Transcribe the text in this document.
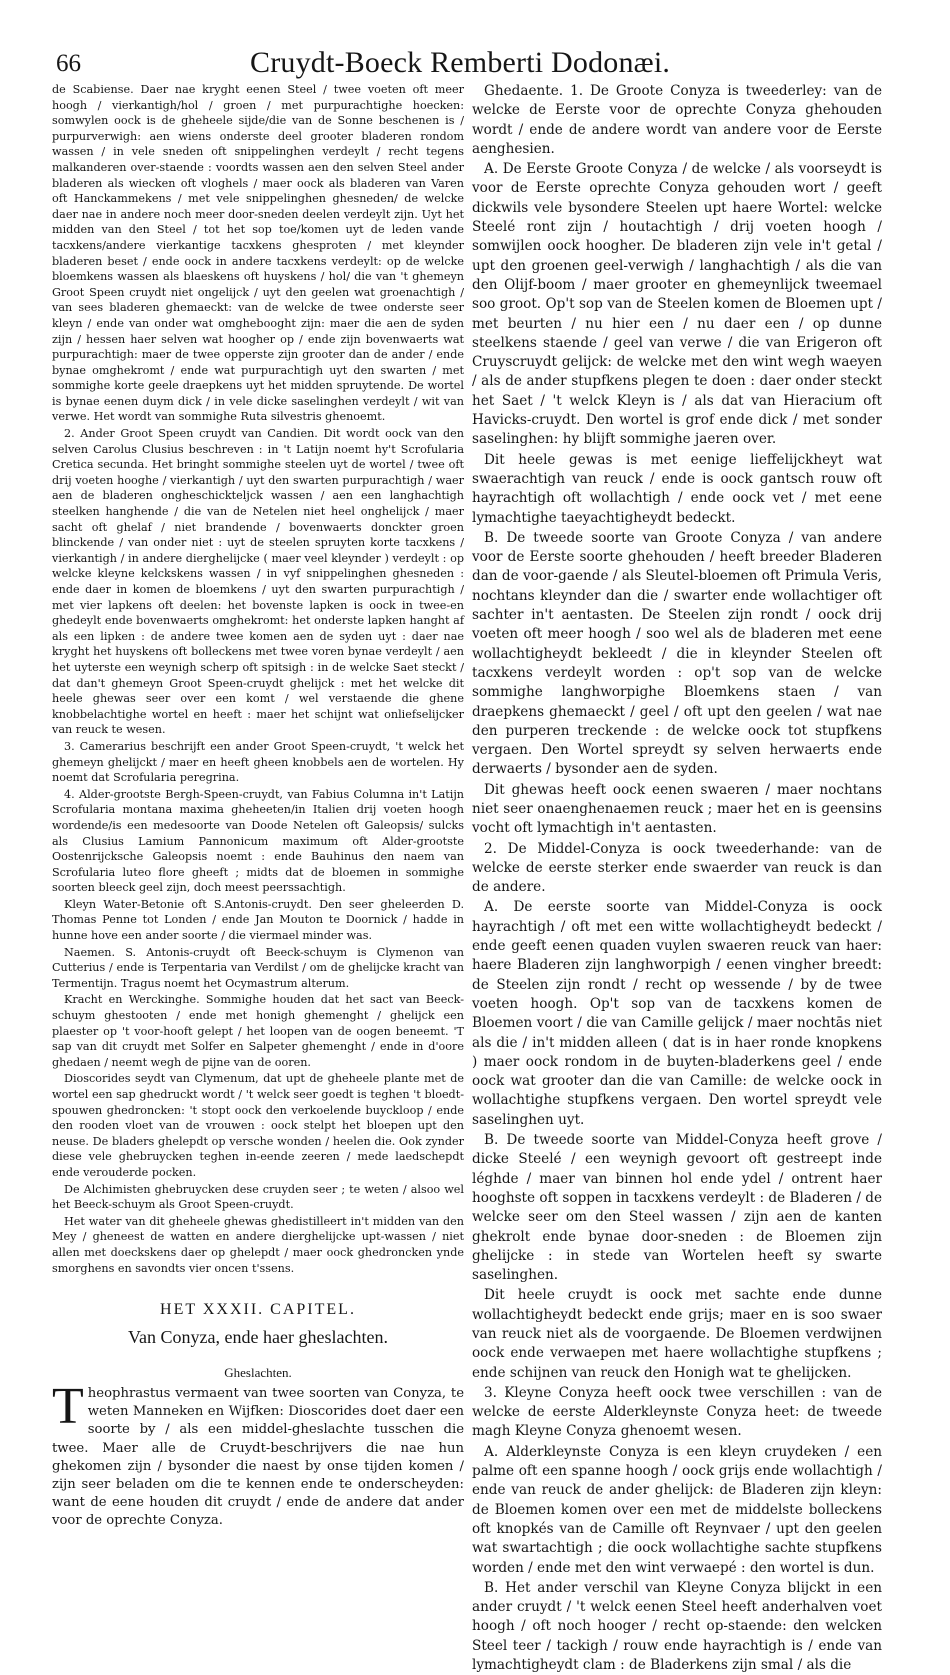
66	Cruydt-Boeck Remberti Dodonæi.

de Scabiense. Daer nae kryght eenen Steel / twee voeten oft meer hoogh / vierkantigh/hol / groen / met purpurachtighe hoecken: somwylen oock is de gheheele sijde/die van de Sonne beschenen is / purpurverwigh: aen wiens onderste deel grooter bladeren rondom wassen / in vele sneden oft snippelinghen verdeylt / recht tegens malkanderen over-staende : voordts wassen aen den selven Steel ander bladeren als wiecken oft vloghels / maer oock als bladeren van Varen oft Hanckammekens / met vele snippelinghen ghesneden/ de welcke daer nae in andere noch meer door-sneden deelen verdeylt zijn. Uyt het midden van den Steel / tot het sop toe/komen uyt de leden vande tacxkens/andere vierkantige tacxkens ghesproten / met kleynder bladeren beset / ende oock in andere tacxkens verdeylt: op de welcke bloemkens wassen als blaeskens oft huyskens / hol/ die van 't ghemeyn Groot Speen cruydt niet ongelijck / uyt den geelen wat groenachtigh / van sees bladeren ghemaeckt: van de welcke de twee onderste seer kleyn / ende van onder wat omghebooght zijn: maer die aen de syden zijn / hessen haer selven wat hoogher op / ende zijn bovenwaerts wat purpurachtigh: maer de twee opperste zijn grooter dan de ander / ende bynae omghekromt / ende wat purpurachtigh uyt den swarten / met sommighe korte geele draepkens uyt het midden spruytende. De wortel is bynae eenen duym dick / in vele dicke saselinghen verdeylt / wit van verwe. Het wordt van sommighe Ruta silvestris ghenoemt.

2. Ander Groot Speen cruydt van Candien. Dit wordt oock van den selven Carolus Clusius beschreven : in 't Latijn noemt hy't Scrofularia Cretica secunda. Het bringht sommighe steelen uyt de wortel / twee oft drij voeten hooghe / vierkantigh / uyt den swarten purpurachtigh / waer aen de bladeren ongheschickteljck wassen / aen een langhachtigh steelken hanghende / die van de Netelen niet heel onghelijck / maer sacht oft ghelaf / niet brandende / bovenwaerts donckter groen blinckende / van onder niet : uyt de steelen spruyten korte tacxkens / vierkantigh / in andere dierghelijcke ( maer veel kleynder ) verdeylt : op welcke kleyne kelckskens wassen / in vyf snippelinghen ghesneden : ende daer in komen de bloemkens / uyt den swarten purpurachtigh / met vier lapkens oft deelen: het bovenste lapken is oock in twee-en ghedeylt ende bovenwaerts omghekromt: het onderste lapken hanght af als een lipken : de andere twee komen aen de syden uyt : daer nae kryght het huyskens oft bolleckens met twee voren bynae verdeylt / aen het uyterste een weynigh scherp oft spitsigh : in de welcke Saet steckt / dat dan't ghemeyn Groot Speen-cruydt ghelijck : met het welcke dit heele ghewas seer over een komt / wel verstaende die ghene knobbelachtighe wortel en heeft : maer het schijnt wat onliefselijcker van reuck te wesen.

3. Camerarius beschrijft een ander Groot Speen-cruydt, 't welck het ghemeyn ghelijckt / maer en heeft gheen knobbels aen de wortelen. Hy noemt dat Scrofularia peregrina.

4. Alder-grootste Bergh-Speen-cruydt, van Fabius Columna in't Latijn Scrofularia montana maxima gheheeten/in Italien drij voeten hoogh wordende/is een medesoorte van Doode Netelen oft Galeopsis/ sulcks als Clusius Lamium Pannonicum maximum oft Alder-grootste Oostenrijcksche Galeopsis noemt : ende Bauhinus den naem van Scrofularia luteo flore gheeft ; midts dat de bloemen in sommighe soorten bleeck geel zijn, doch meest peerssachtigh.

Kleyn Water-Betonie oft S.Antonis-cruydt. Den seer gheleerden D. Thomas Penne tot Londen / ende Jan Mouton te Doornick / hadde in hunne hove een ander soorte / die viermael minder was.

Naemen. S. Antonis-cruydt oft Beeck-schuym is Clymenon van Cutterius / ende is Terpentaria van Verdilst / om de ghelijcke kracht van Termentijn. Tragus noemt het Ocymastrum alterum.

Kracht en Werckinghe. Sommighe houden dat het sact van Beeck-schuym ghestooten / ende met honigh ghemenght / ghelijck een plaester op 't voor-hooft gelept / het loopen van de oogen beneemt. 'T sap van dit cruydt met Solfer en Salpeter ghemenght / ende in d'oore ghedaen / neemt wegh de pijne van de ooren.

Dioscorides seydt van Clymenum, dat upt de gheheele plante met de wortel een sap ghedruckt wordt / 't welck seer goedt is teghen 't bloedt-spouwen ghedroncken: 't stopt oock den verkoelende buyckloop / ende den rooden vloet van de vrouwen : oock stelpt het bloepen upt den neuse. De bladers ghelepdt op versche wonden / heelen die. Ook zynder diese vele ghebruycken teghen in-eende zeeren / mede laedschepdt ende verouderde pocken.

De Alchimisten ghebruycken dese cruyden seer ; te weten / alsoo wel het Beeck-schuym als Groot Speen-cruydt.

Het water van dit gheheele ghewas ghedistilleert in't midden van den Mey / gheneest de watten en andere dierghelijcke upt-wassen / niet allen met doeckskens daer op ghelepdt / maer oock ghedroncken ynde smorghens en savondts vier oncen t'ssens.

HET XXXII. CAPITEL.
Van Conyza, ende haer gheslachten.
Gheslachten.

Theophrastus vermaent van twee soorten van Conyza, te weten Manneken en Wijfken: Dioscorides doet daer een soorte by / als een middel-gheslachte tusschen die twee. Maer alle de Cruydt-beschrijvers die nae hun ghekomen zijn / bysonder die naest by onse tijden komen / zijn seer beladen om die te kennen ende te onderscheyden: want de eene houden dit cruydt / ende de andere dat ander voor de oprechte Conyza.

Ghedaente. 1. De Groote Conyza is tweederley: van de welcke de Eerste voor de oprechte Conyza ghehouden wordt / ende de andere wordt van andere voor de Eerste aenghesien.

A. De Eerste Groote Conyza / de welcke / als voorseydt is voor de Eerste oprechte Conyza gehouden wort / geeft dickwils vele bysondere Steelen upt haere Wortel: welcke Steelé ront zijn / houtachtigh / drij voeten hoogh / somwijlen oock hoogher. De bladeren zijn vele in't getal / upt den groenen geel-verwigh / langhachtigh / als die van den Olijf-boom / maer grooter en ghemeynlijck tweemael soo groot. Op't sop van de Steelen komen de Bloemen upt / met beurten / nu hier een / nu daer een / op dunne steelkens staende / geel van verwe / die van Erigeron oft Cruyscruydt gelijck: de welcke met den wint wegh waeyen / als de ander stupfkens plegen te doen : daer onder steckt het Saet / 't welck Kleyn is / als dat van Hieracium oft Havicks-cruydt. Den wortel is grof ende dick / met sonder saselinghen: hy blijft sommighe jaeren over.

Dit heele gewas is met eenige lieffelijckheyt wat swaerachtigh van reuck / ende is oock gantsch rouw oft hayrachtigh oft wollachtigh / ende oock vet / met eene lymachtighe taeyachtigheydt bedeckt.

B. De tweede soorte van Groote Conyza / van andere voor de Eerste soorte ghehouden / heeft breeder Bladeren dan de voor-gaende / als Sleutel-bloemen oft Primula Veris, nochtans kleynder dan die / swarter ende wollachtiger oft sachter in't aentasten. De Steelen zijn rondt / oock drij voeten oft meer hoogh / soo wel als de bladeren met eene wollachtigheydt bekleedt / die in kleynder Steelen oft tacxkens verdeylt worden : op't sop van de welcke sommighe langhworpighe Bloemkens staen / van draepkens ghemaeckt / geel / oft upt den geelen / wat nae den purperen treckende : de welcke oock tot stupfkens vergaen. Den Wortel spreydt sy selven herwaerts ende derwaerts / bysonder aen de syden.

Dit ghewas heeft oock eenen swaeren / maer nochtans niet seer onaenghenaemen reuck ; maer het en is geensins vocht oft lymachtigh in't aentasten.

2. De Middel-Conyza is oock tweederhande: van de welcke de eerste sterker ende swaerder van reuck is dan de andere.

A. De eerste soorte van Middel-Conyza is oock hayrachtigh / oft met een witte wollachtigheydt bedeckt / ende geeft eenen quaden vuylen swaeren reuck van haer: haere Bladeren zijn langhworpigh / eenen vingher breedt: de Steelen zijn rondt / recht op wessende / by de twee voeten hoogh. Op't sop van de tacxkens komen de Bloemen voort / die van Camille gelijck / maer nochtās niet als die / in't midden alleen ( dat is in haer ronde knopkens ) maer oock rondom in de buyten-bladerkens geel / ende oock wat grooter dan die van Camille: de welcke oock in wollachtighe stupfkens vergaen. Den wortel spreydt vele saselinghen uyt.

B. De tweede soorte van Middel-Conyza heeft grove / dicke Steelé / een weynigh gevoort oft gestreept inde léghde / maer van binnen hol ende ydel / ontrent haer hooghste oft soppen in tacxkens verdeylt : de Bladeren / de welcke seer om den Steel wassen / zijn aen de kanten ghekrolt ende bynae door-sneden : de Bloemen zijn ghelijcke : in stede van Wortelen heeft sy swarte saselinghen.

Dit heele cruydt is oock met sachte ende dunne wollachtigheydt bedeckt ende grijs; maer en is soo swaer van reuck niet als de voorgaende. De Bloemen verdwijnen oock ende verwaepen met haere wollachtighe stupfkens ; ende schijnen van reuck den Honigh wat te ghelijcken.

3. Kleyne Conyza heeft oock twee verschillen : van de welcke de eerste Alderkleynste Conyza heet: de tweede magh Kleyne Conyza ghenoemt wesen.

A. Alderkleynste Conyza is een kleyn cruydeken / een palme oft een spanne hoogh / oock grijs ende wollachtigh / ende van reuck de ander ghelijck: de Bladeren zijn kleyn: de Bloemen komen over een met de middelste bolleckens oft knopkés van de Camille oft Reynvaer / upt den geelen wat swartachtigh ; die oock wollachtighe sachte stupfkens worden / ende met den wint verwaepé : den wortel is dun.

B. Het ander verschil van Kleyne Conyza blijckt in een ander cruydt / 't welck eenen Steel heeft anderhalven voet hoogh / oft noch hooger / recht op-staende: den welcken Steel teer / tackigh / rouw ende hayrachtigh is / ende van lymachtigheydt clam : de Bladerkens zijn smal / als die
